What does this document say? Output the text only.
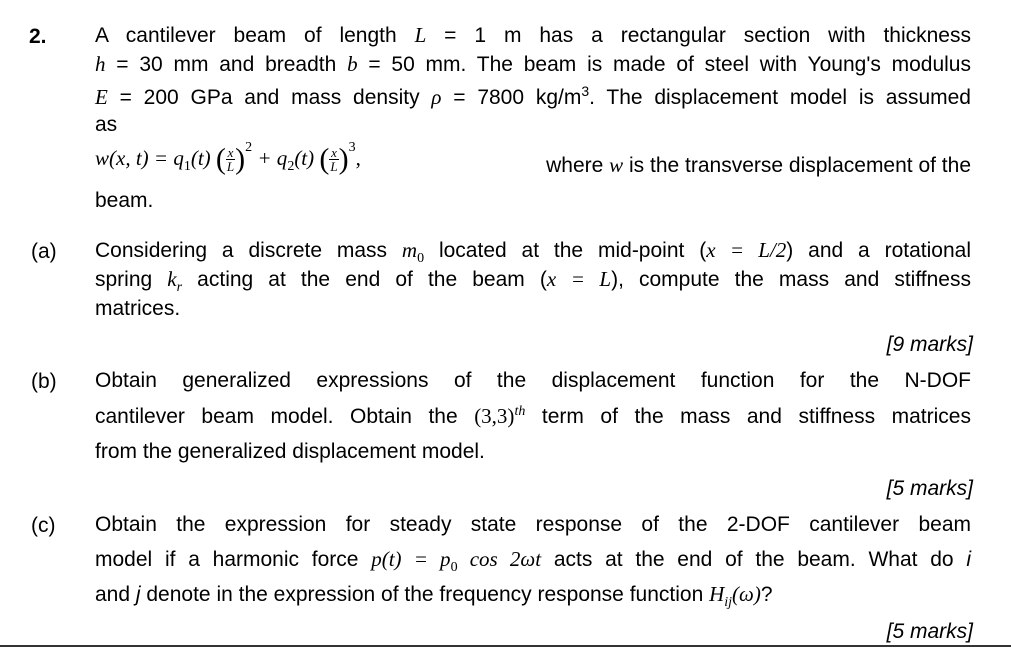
2. A cantilever beam of length L = 1 m has a rectangular section with thickness
h = 30 mm and breadth b = 50 mm. The beam is made of steel with Young's modulus
E = 200 GPa and mass density ρ = 7800 $kg/m^3$. The displacement model is assumed
as
w(x, $t) = q_1(t)$ ( $\frac{x}{L} )^2 + q_2(t)$ ( $\frac{x}{L} )^3$,	where w is the transverse displacement of the
beam.
(a) Considering a discrete mass $m_0$ located at the mid-point (x = L/2) and a rotational
spring $k_r$ acting at the end of the beam (x = L), compute the mass and stiffness
matrices.
[9 marks]
(b) Obtain generalized expressions of the displacement function for the N-DOF
cantilever beam model. Obtain the $(3,3)^{th}$ term of the mass and stiffness matrices
from the generalized displacement model.
[5 marks]
(c) Obtain the expression for steady state response of the 2-DOF cantilever beam
model if a harmonic force $p(t) = p_0$ cos 2ωt acts at the end of the beam. What do i
and j denote in the expression of the frequency response function $H_{ij}(\omega)$?
[5 marks]
